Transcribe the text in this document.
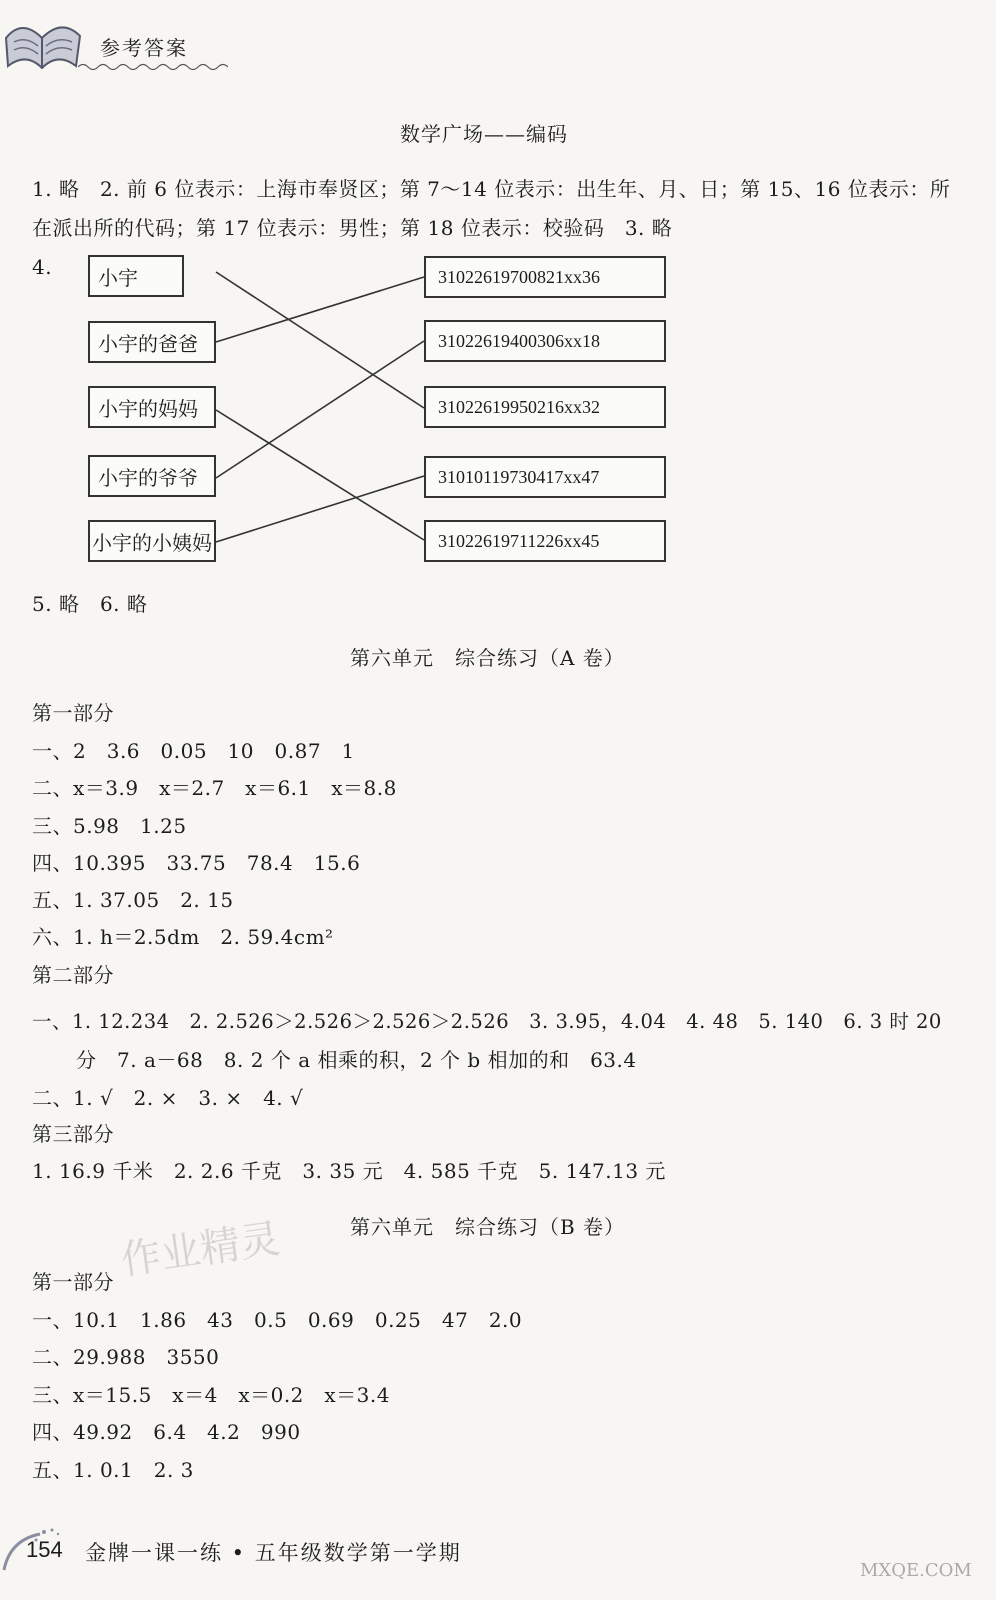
参考答案
数学广场——编码
1. 略　2. 前 6 位表示：上海市奉贤区；第 7～14 位表示：出生年、月、日；第 15、16 位表示：所
在派出所的代码；第 17 位表示：男性；第 18 位表示：校验码　3. 略
4. 小宇
小宇的爸爸
小宇的妈妈
小宇的爷爷
小宇的小姨妈
31022619700821xx36
31022619400306xx18
31022619950216xx32
31010119730417xx47
31022619711226xx45
5. 略　6. 略
第六单元　综合练习（A 卷）
第一部分
一、2　3.6　0.05　10　0.87　1
二、x＝3.9　x＝2.7　x＝6.1　x＝8.8
三、5.98　1.25
四、10.395　33.75　78.4　15.6
五、1. 37.05　2. 15
六、1. h＝2.5dm　2. 59.4cm²
第二部分
一、1. 12.234　2. 2.526＞2.526＞2.526＞2.526　3. 3.95，4.04　4. 48　5. 140　6. 3 时 20
分　7. a－68　8. 2 个 a 相乘的积，2 个 b 相加的和　63.4
二、1. √　2. ×　3. ×　4. √
第三部分
1. 16.9 千米　2. 2.6 千克　3. 35 元　4. 585 千克　5. 147.13 元
第六单元　综合练习（B 卷）
作业精灵
第一部分
一、10.1　1.86　43　0.5　0.69　0.25　47　2.0
二、29.988　3550
三、x＝15.5　x＝4　x＝0.2　x＝3.4
四、49.92　6.4　4.2　990
五、1. 0.1　2. 3
154 金牌一课一练 • 五年级数学第一学期
MXQE.COM
